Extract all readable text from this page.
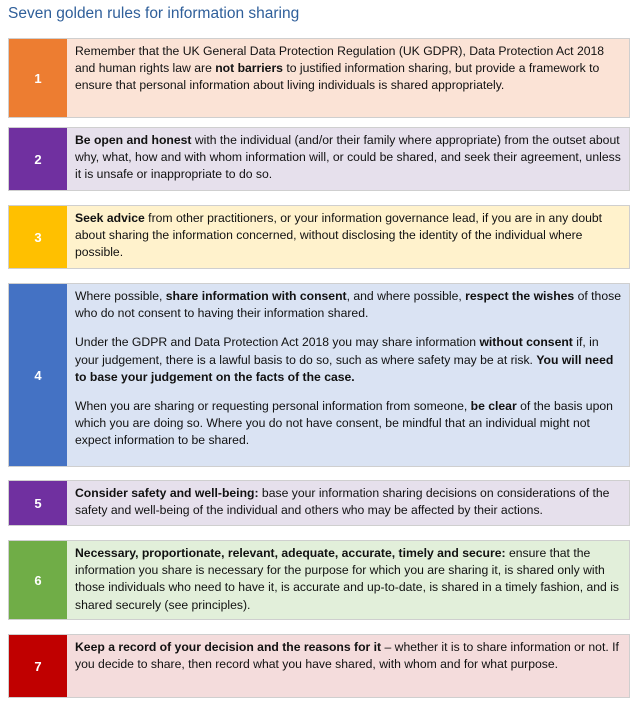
Seven golden rules for information sharing
1

Remember that the UK General Data Protection Regulation (UK GDPR), Data Protection Act 2018 and human rights law are not barriers to justified information sharing, but provide a framework to ensure that personal information about living individuals is shared appropriately.

2

Be open and honest with the individual (and/or their family where appropriate) from the outset about why, what, how and with whom information will, or could be shared, and seek their agreement, unless it is unsafe or inappropriate to do so.

3

Seek advice from other practitioners, or your information governance lead, if you are in any doubt about sharing the information concerned, without disclosing the identity of the individual where possible.

4

Where possible, share information with consent, and where possible, respect the wishes of those who do not consent to having their information shared.

Under the GDPR and Data Protection Act 2018 you may share information without consent if, in your judgement, there is a lawful basis to do so, such as where safety may be at risk. You will need to base your judgement on the facts of the case.

When you are sharing or requesting personal information from someone, be clear of the basis upon which you are doing so. Where you do not have consent, be mindful that an individual might not expect information to be shared.

5

Consider safety and well-being: base your information sharing decisions on considerations of the safety and well-being of the individual and others who may be affected by their actions.

6

Necessary, proportionate, relevant, adequate, accurate, timely and secure: ensure that the information you share is necessary for the purpose for which you are sharing it, is shared only with those individuals who need to have it, is accurate and up-to-date, is shared in a timely fashion, and is shared securely (see principles).

7

Keep a record of your decision and the reasons for it – whether it is to share information or not. If you decide to share, then record what you have shared, with whom and for what purpose.
